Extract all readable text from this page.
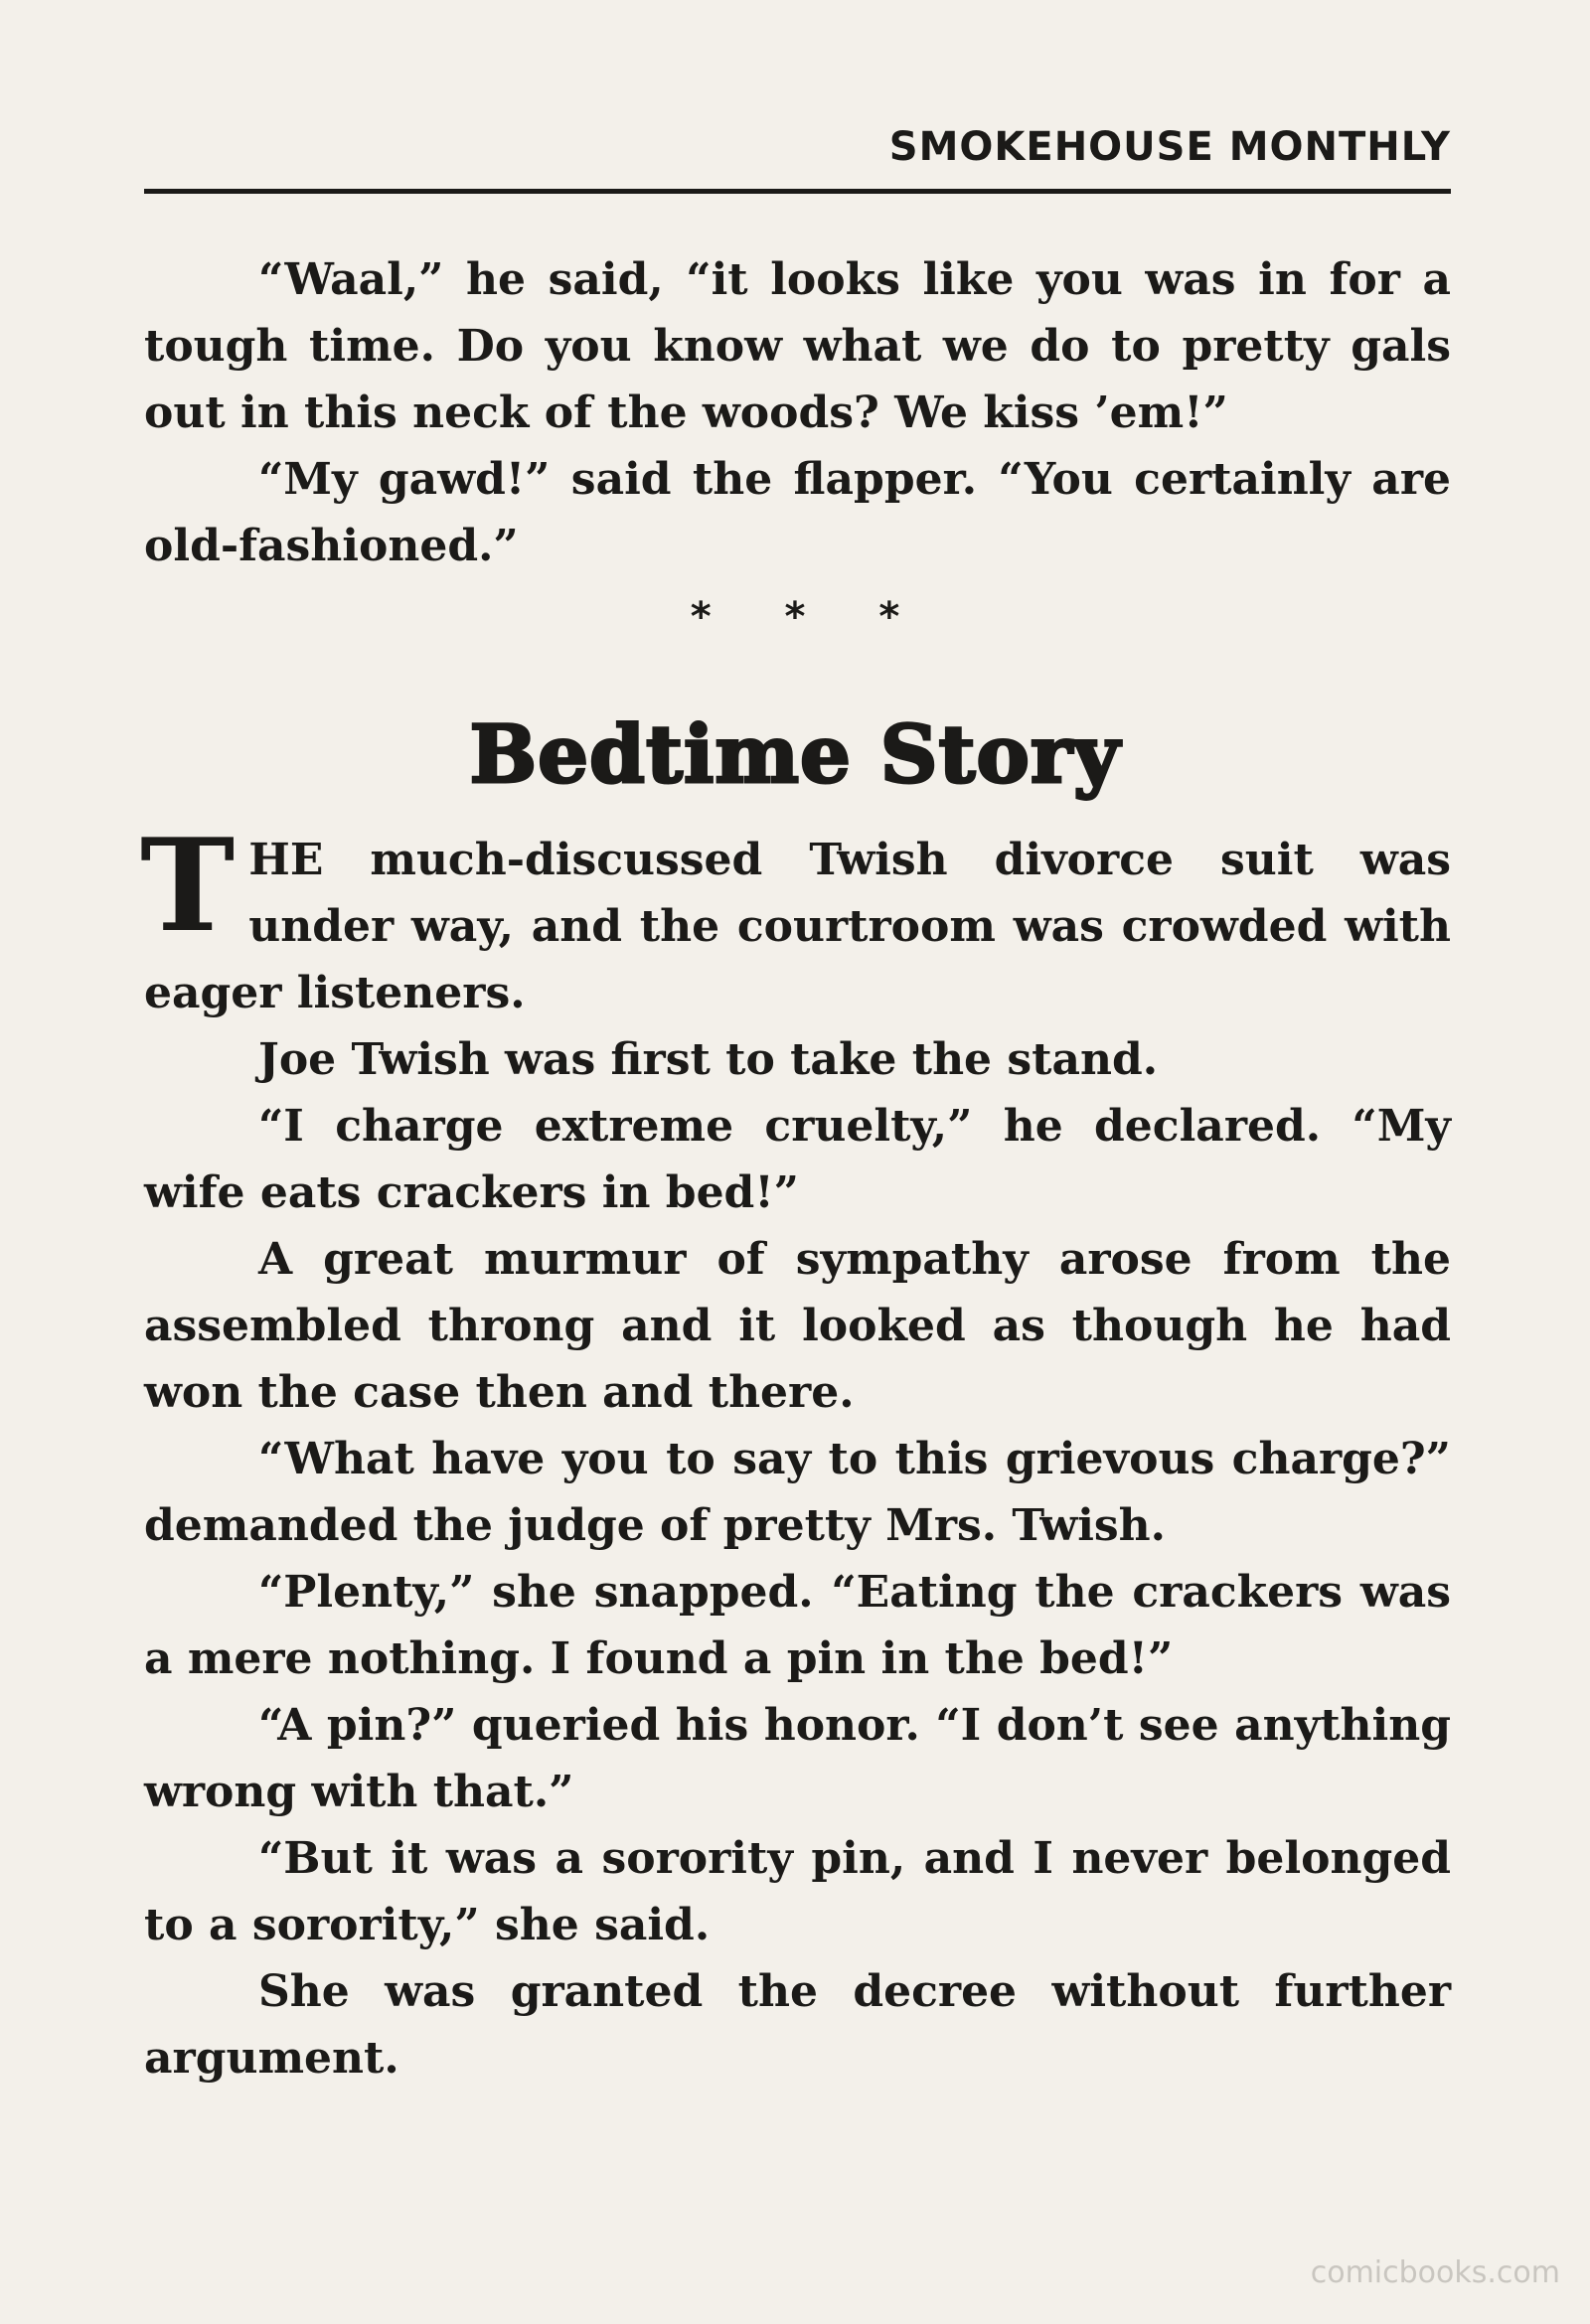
SMOKEHOUSE MONTHLY

“Waal,” he said, “it looks like you was in for a tough time. Do you know what we do to pretty gals out in this neck of the woods? We kiss ’em!”

“My gawd!” said the flapper. “You certainly are old-fashioned.”

* * *
Bedtime Story

THE much-discussed Twish divorce suit was under way, and the courtroom was crowded with eager listeners.

Joe Twish was first to take the stand.

“I charge extreme cruelty,” he declared. “My wife eats crackers in bed!”

A great murmur of sympathy arose from the assembled throng and it looked as though he had won the case then and there.

“What have you to say to this grievous charge?” demanded the judge of pretty Mrs. Twish.

“Plenty,” she snapped. “Eating the crackers was a mere nothing. I found a pin in the bed!”

“A pin?” queried his honor. “I don’t see anything wrong with that.”

“But it was a sorority pin, and I never belonged to a sorority,” she said.

She was granted the decree without further argument.

comicbooks.com
